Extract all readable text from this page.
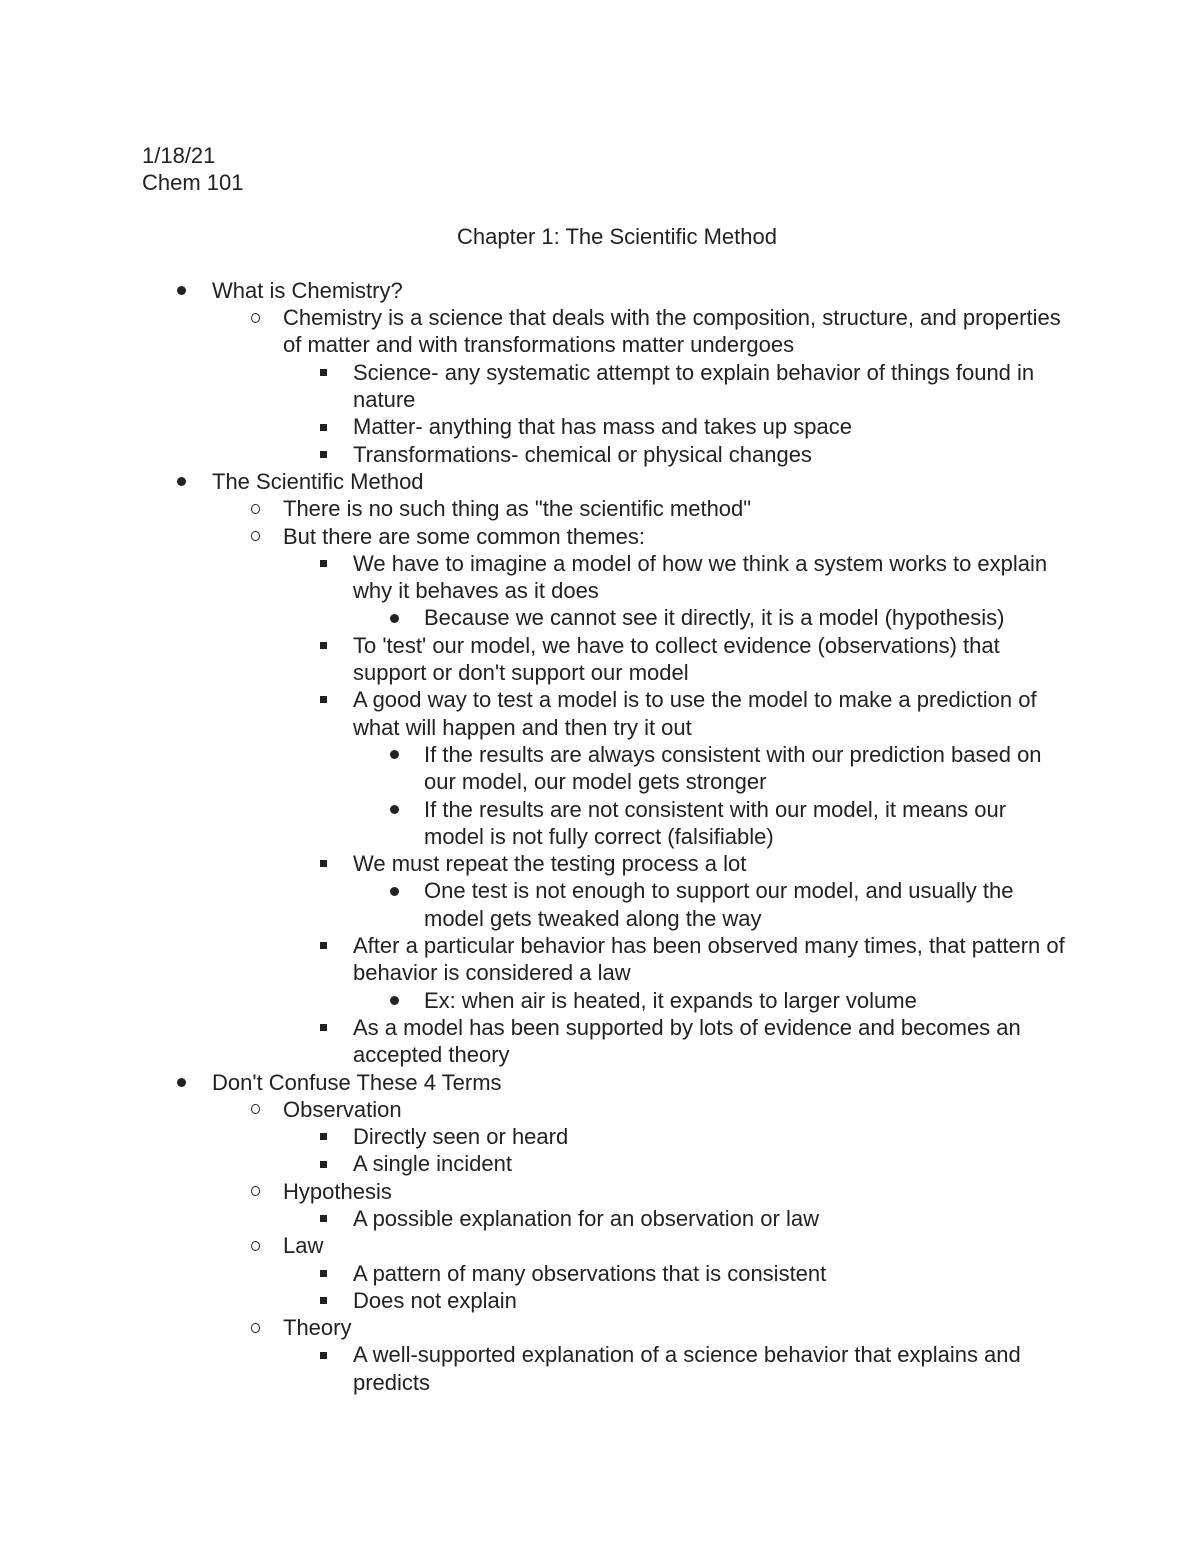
1/18/21
Chem 101
Chapter 1: The Scientific Method
What is Chemistry?
Chemistry is a science that deals with the composition, structure, and properties of matter and with transformations matter undergoes
Science- any systematic attempt to explain behavior of things found in nature
Matter- anything that has mass and takes up space
Transformations- chemical or physical changes
The Scientific Method
There is no such thing as "the scientific method"
But there are some common themes:
We have to imagine a model of how we think a system works to explain why it behaves as it does
Because we cannot see it directly, it is a model (hypothesis)
To 'test' our model, we have to collect evidence (observations) that support or don't support our model
A good way to test a model is to use the model to make a prediction of what will happen and then try it out
If the results are always consistent with our prediction based on our model, our model gets stronger
If the results are not consistent with our model, it means our model is not fully correct (falsifiable)
We must repeat the testing process a lot
One test is not enough to support our model, and usually the model gets tweaked along the way
After a particular behavior has been observed many times, that pattern of behavior is considered a law
Ex: when air is heated, it expands to larger volume
As a model has been supported by lots of evidence and becomes an accepted theory
Don't Confuse These 4 Terms
Observation
Directly seen or heard
A single incident
Hypothesis
A possible explanation for an observation or law
Law
A pattern of many observations that is consistent
Does not explain
Theory
A well-supported explanation of a science behavior that explains and predicts
